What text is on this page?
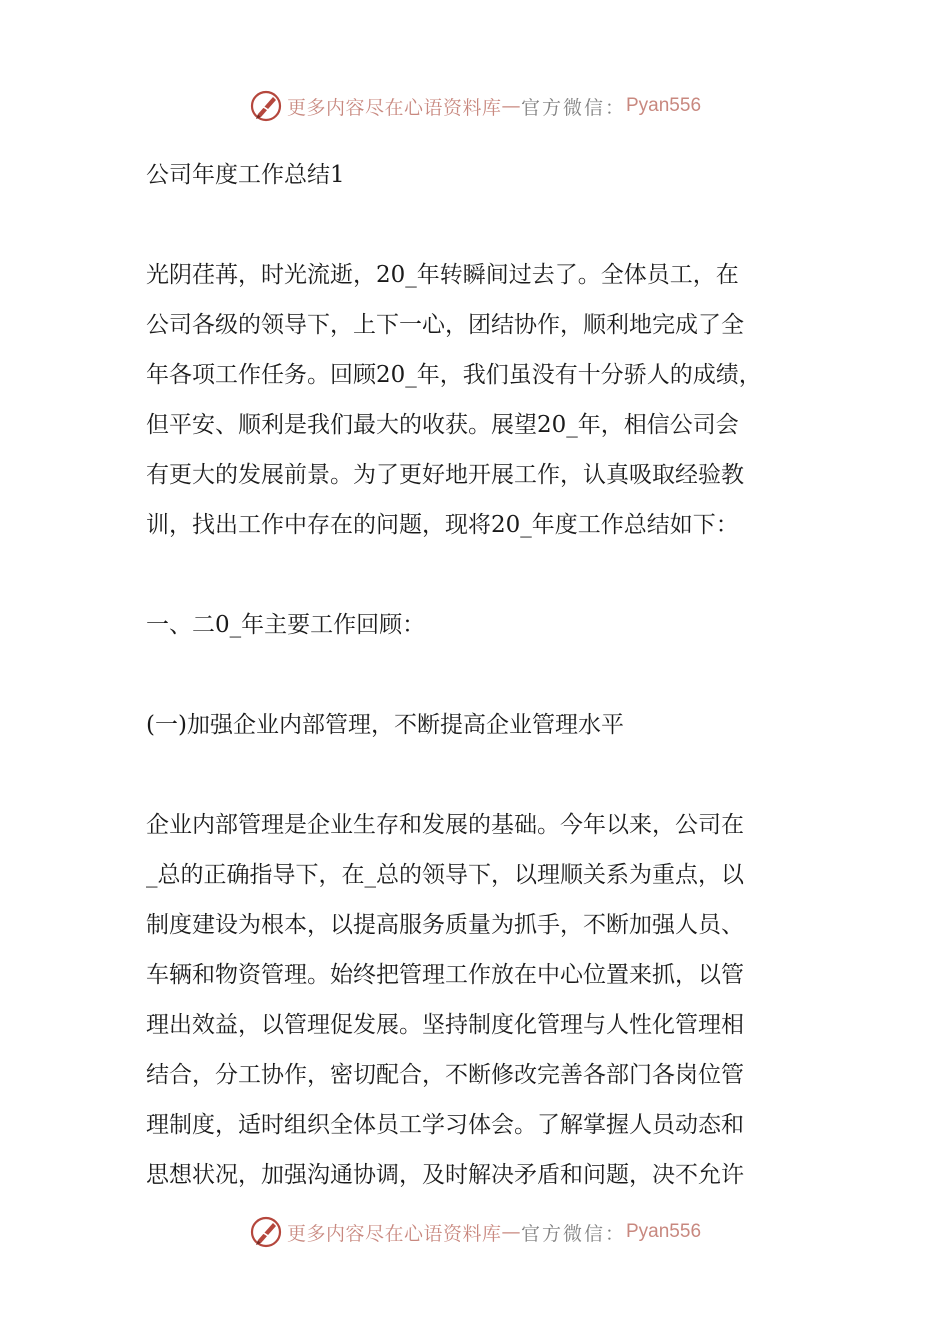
更多内容尽在心语资料库 — 官方微信： Pyan556

公司年度工作总结1

光阴荏苒，时光流逝，20_年转瞬间过去了。全体员工，在

公司各级的领导下，上下一心，团结协作，顺利地完成了全

年各项工作任务。回顾20_年，我们虽没有十分骄人的成绩，

但平安、顺利是我们最大的收获。展望20_年，相信公司会

有更大的发展前景。为了更好地开展工作，认真吸取经验教

训，找出工作中存在的问题，现将20_年度工作总结如下：

一、二0_年主要工作回顾：

(一)加强企业内部管理，不断提高企业管理水平

企业内部管理是企业生存和发展的基础。今年以来，公司在

_总的正确指导下，在_总的领导下，以理顺关系为重点，以

制度建设为根本，以提高服务质量为抓手，不断加强人员、

车辆和物资管理。始终把管理工作放在中心位置来抓，以管

理出效益，以管理促发展。坚持制度化管理与人性化管理相

结合，分工协作，密切配合，不断修改完善各部门各岗位管

理制度，适时组织全体员工学习体会。了解掌握人员动态和

思想状况，加强沟通协调，及时解决矛盾和问题，决不允许

更多内容尽在心语资料库 — 官方微信： Pyan556
